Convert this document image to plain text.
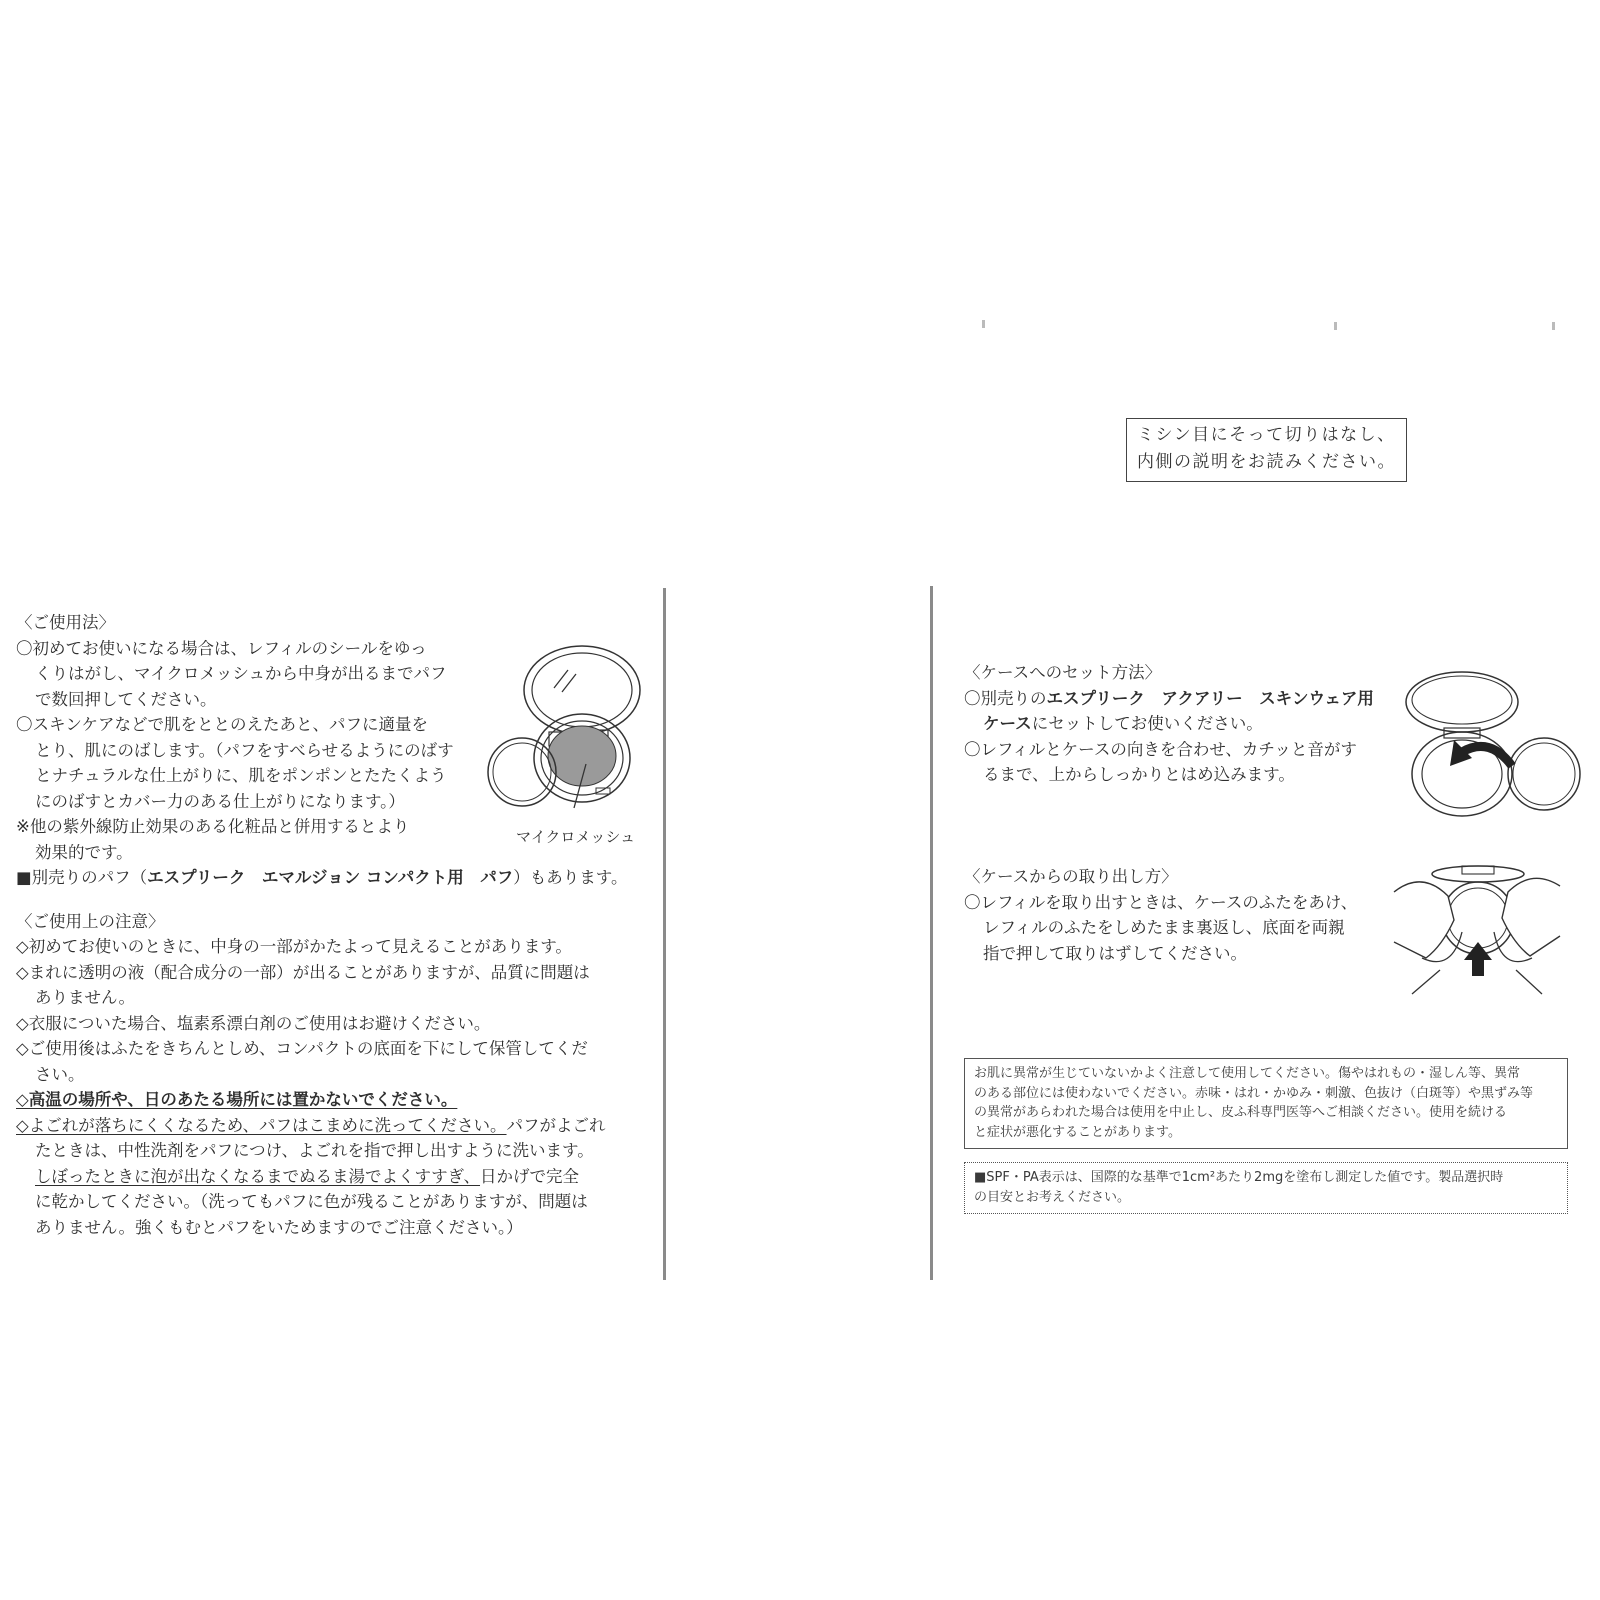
ミシン目にそって切りはなし、
内側の説明をお読みください。

〈ご使用法〉

〇初めてお使いになる場合は、レフィルのシールをゆっ

くりはがし、マイクロメッシュから中身が出るまでパフ

で数回押してください。

〇スキンケアなどで肌をととのえたあと、パフに適量を

とり、肌にのばします。（パフをすべらせるようにのばす

とナチュラルな仕上がりに、肌をポンポンとたたくよう

にのばすとカバー力のある仕上がりになります。）

※他の紫外線防止効果のある化粧品と併用するとより

効果的です。

■別売りのパフ（エスプリーク　エマルジョン コンパクト用　パフ）もあります。

〈ご使用上の注意〉

◇初めてお使いのときに、中身の一部がかたよって見えることがあります。

◇まれに透明の液（配合成分の一部）が出ることがありますが、品質に問題は

ありません。

◇衣服についた場合、塩素系漂白剤のご使用はお避けください。

◇ご使用後はふたをきちんとしめ、コンパクトの底面を下にして保管してくだ

さい。

◇高温の場所や、日のあたる場所には置かないでください。

◇よごれが落ちにくくなるため、パフはこまめに洗ってください。パフがよごれ

たときは、中性洗剤をパフにつけ、よごれを指で押し出すように洗います。

しぼったときに泡が出なくなるまでぬるま湯でよくすすぎ、日かげで完全

に乾かしてください。（洗ってもパフに色が残ることがありますが、問題は

ありません。強くもむとパフをいためますのでご注意ください。）

マイクロメッシュ

〈ケースへのセット方法〉

〇別売りのエスプリーク　アクアリー　スキンウェア用

ケースにセットしてお使いください。

〇レフィルとケースの向きを合わせ、カチッと音がす

るまで、上からしっかりとはめ込みます。

〈ケースからの取り出し方〉

〇レフィルを取り出すときは、ケースのふたをあけ、

レフィルのふたをしめたまま裏返し、底面を両親

指で押して取りはずしてください。

お肌に異常が生じていないかよく注意して使用してください。傷やはれもの・湿しん等、異常

のある部位には使わないでください。赤味・はれ・かゆみ・刺激、色抜け（白斑等）や黒ずみ等

の異常があらわれた場合は使用を中止し、皮ふ科専門医等へご相談ください。使用を続ける

と症状が悪化することがあります。

■SPF・PA表示は、国際的な基準で1cm²あたり2mgを塗布し測定した値です。製品選択時

の目安とお考えください。
